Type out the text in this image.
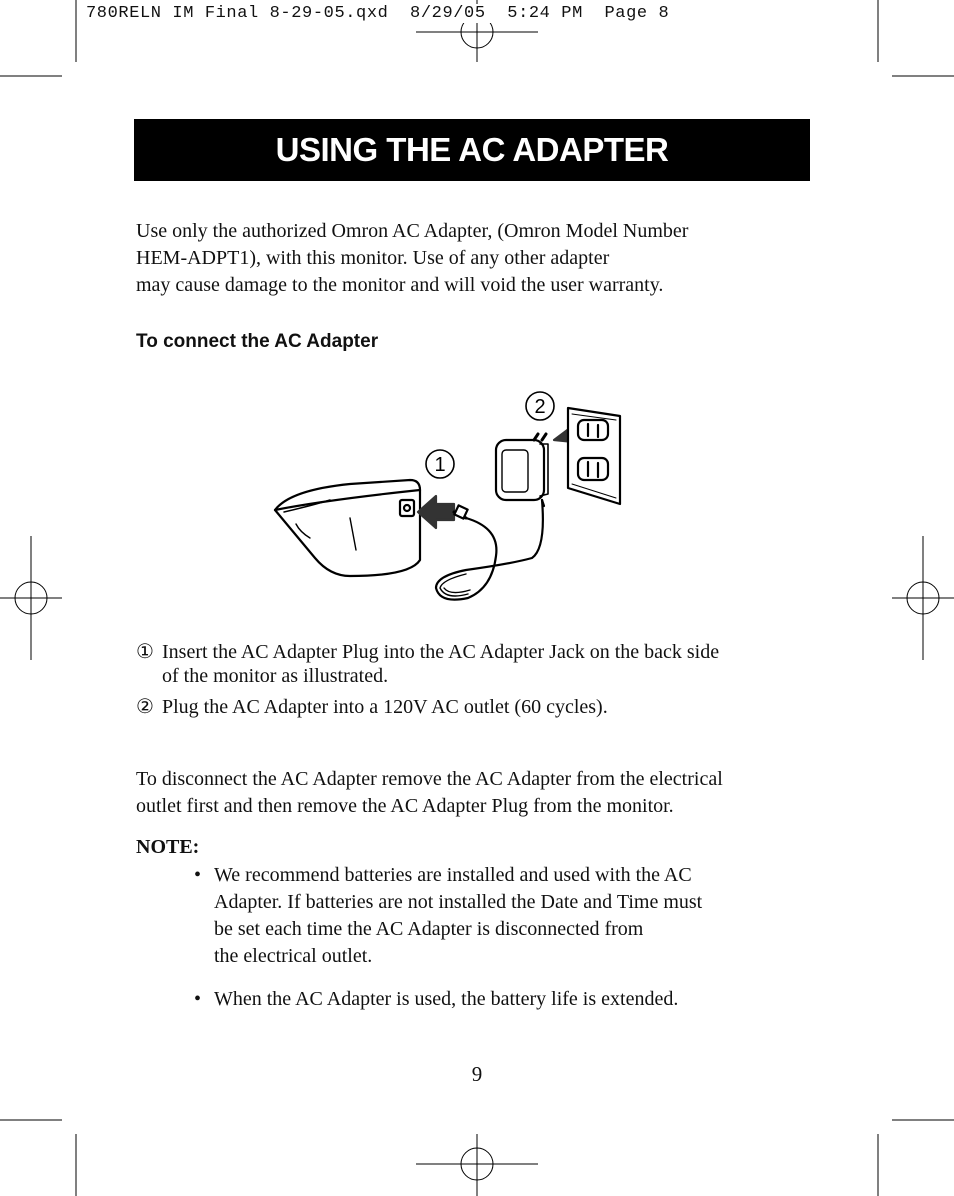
780RELN IM Final 8-29-05.qxd  8/29/05  5:24 PM  Page 8

USING THE AC ADAPTER

Use only the authorized Omron AC Adapter, (Omron Model Number
HEM-ADPT1), with this monitor. Use of any other adapter
may cause damage to the monitor and will void the user warranty.

To connect the AC Adapter

1
2
① Insert the AC Adapter Plug into the AC Adapter Jack on the back side
of the monitor as illustrated.
② Plug the AC Adapter into a 120V AC outlet (60 cycles).

To disconnect the AC Adapter remove the AC Adapter from the electrical
outlet first and then remove the AC Adapter Plug from the monitor.

NOTE:

• We recommend batteries are installed and used with the AC
Adapter. If batteries are not installed the Date and Time must
be set each time the AC Adapter is disconnected from
the electrical outlet.
• When the AC Adapter is used, the battery life is extended.
9
